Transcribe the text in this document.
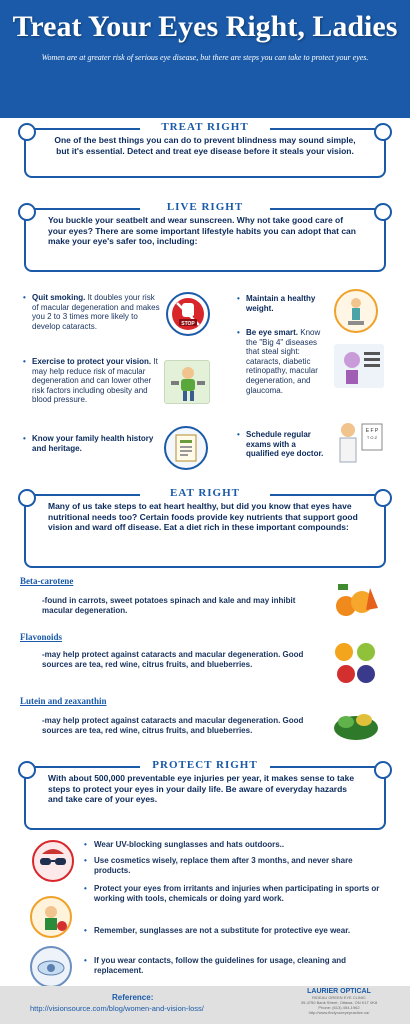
Treat Your Eyes Right, Ladies
Women are at greater risk of serious eye disease, but there are steps you can take to protect your eyes.
TREAT RIGHT
One of the best things you can do to prevent blindness may sound simple, but it's essential. Detect and treat eye disease before it steals your vision.
LIVE RIGHT
You buckle your seatbelt and wear sunscreen. Why not take good care of your eyes? There are some important lifestyle habits you can adopt that can make your eye's safer too, including:
• Quit smoking. It doubles your risk of macular degeneration and makes you 2 to 3 times more likely to develop cataracts.	STOP
• Exercise to protect your vision. It may help reduce risk of macular degeneration and can lower other risk factors including obesity and blood pressure.
• Know your family health history and heritage.
• Maintain a healthy weight.
• Be eye smart. Know the "Big 4" diseases that steal sight: cataracts, diabetic retinopathy, macular degeneration, and glaucoma.
• Schedule regular exams with a qualified eye doctor.
E F P
T O Z
EAT RIGHT
Many of us take steps to eat heart healthy, but did you know that eyes have nutritional needs too? Certain foods provide key nutrients that support good vision and ward off disease. Eat a diet rich in these important compounds:
Beta-carotene
-found in carrots, sweet potatoes spinach and kale and may inhibit macular degeneration.
Flavonoids
-may help protect against cataracts and macular degeneration. Good sources are tea, red wine, citrus fruits, and blueberries.
Lutein and zeaxanthin
-may help protect against cataracts and macular degeneration. Good sources are tea, red wine, citrus fruits, and blueberries.
PROTECT RIGHT
With about 500,000 preventable eye injuries per year, it makes sense to take steps to protect your eyes in your daily life. Be aware of everyday hazards and take care of your eyes.
• Wear UV-blocking sunglasses and hats outdoors..
• Use cosmetics wisely, replace them after 3 months, and never share products.
• Protect your eyes from irritants and injuries when participating in sports or working with tools, chemicals or doing yard work.
• Remember, sunglasses are not a substitute for protective eye wear.
• If you wear contacts, follow the guidelines for usage, cleaning and replacement.
Reference:
http://visionsource.com/blog/women-and-vision-loss/
LAURIER OPTICAL
RIDEAU GREEN EYE CLINIC
39-4750 Bank Street, Ottawa, ON K1T 0K8
Phone: (613) 454-1962
http://www.findyoureyepractice.ca/
